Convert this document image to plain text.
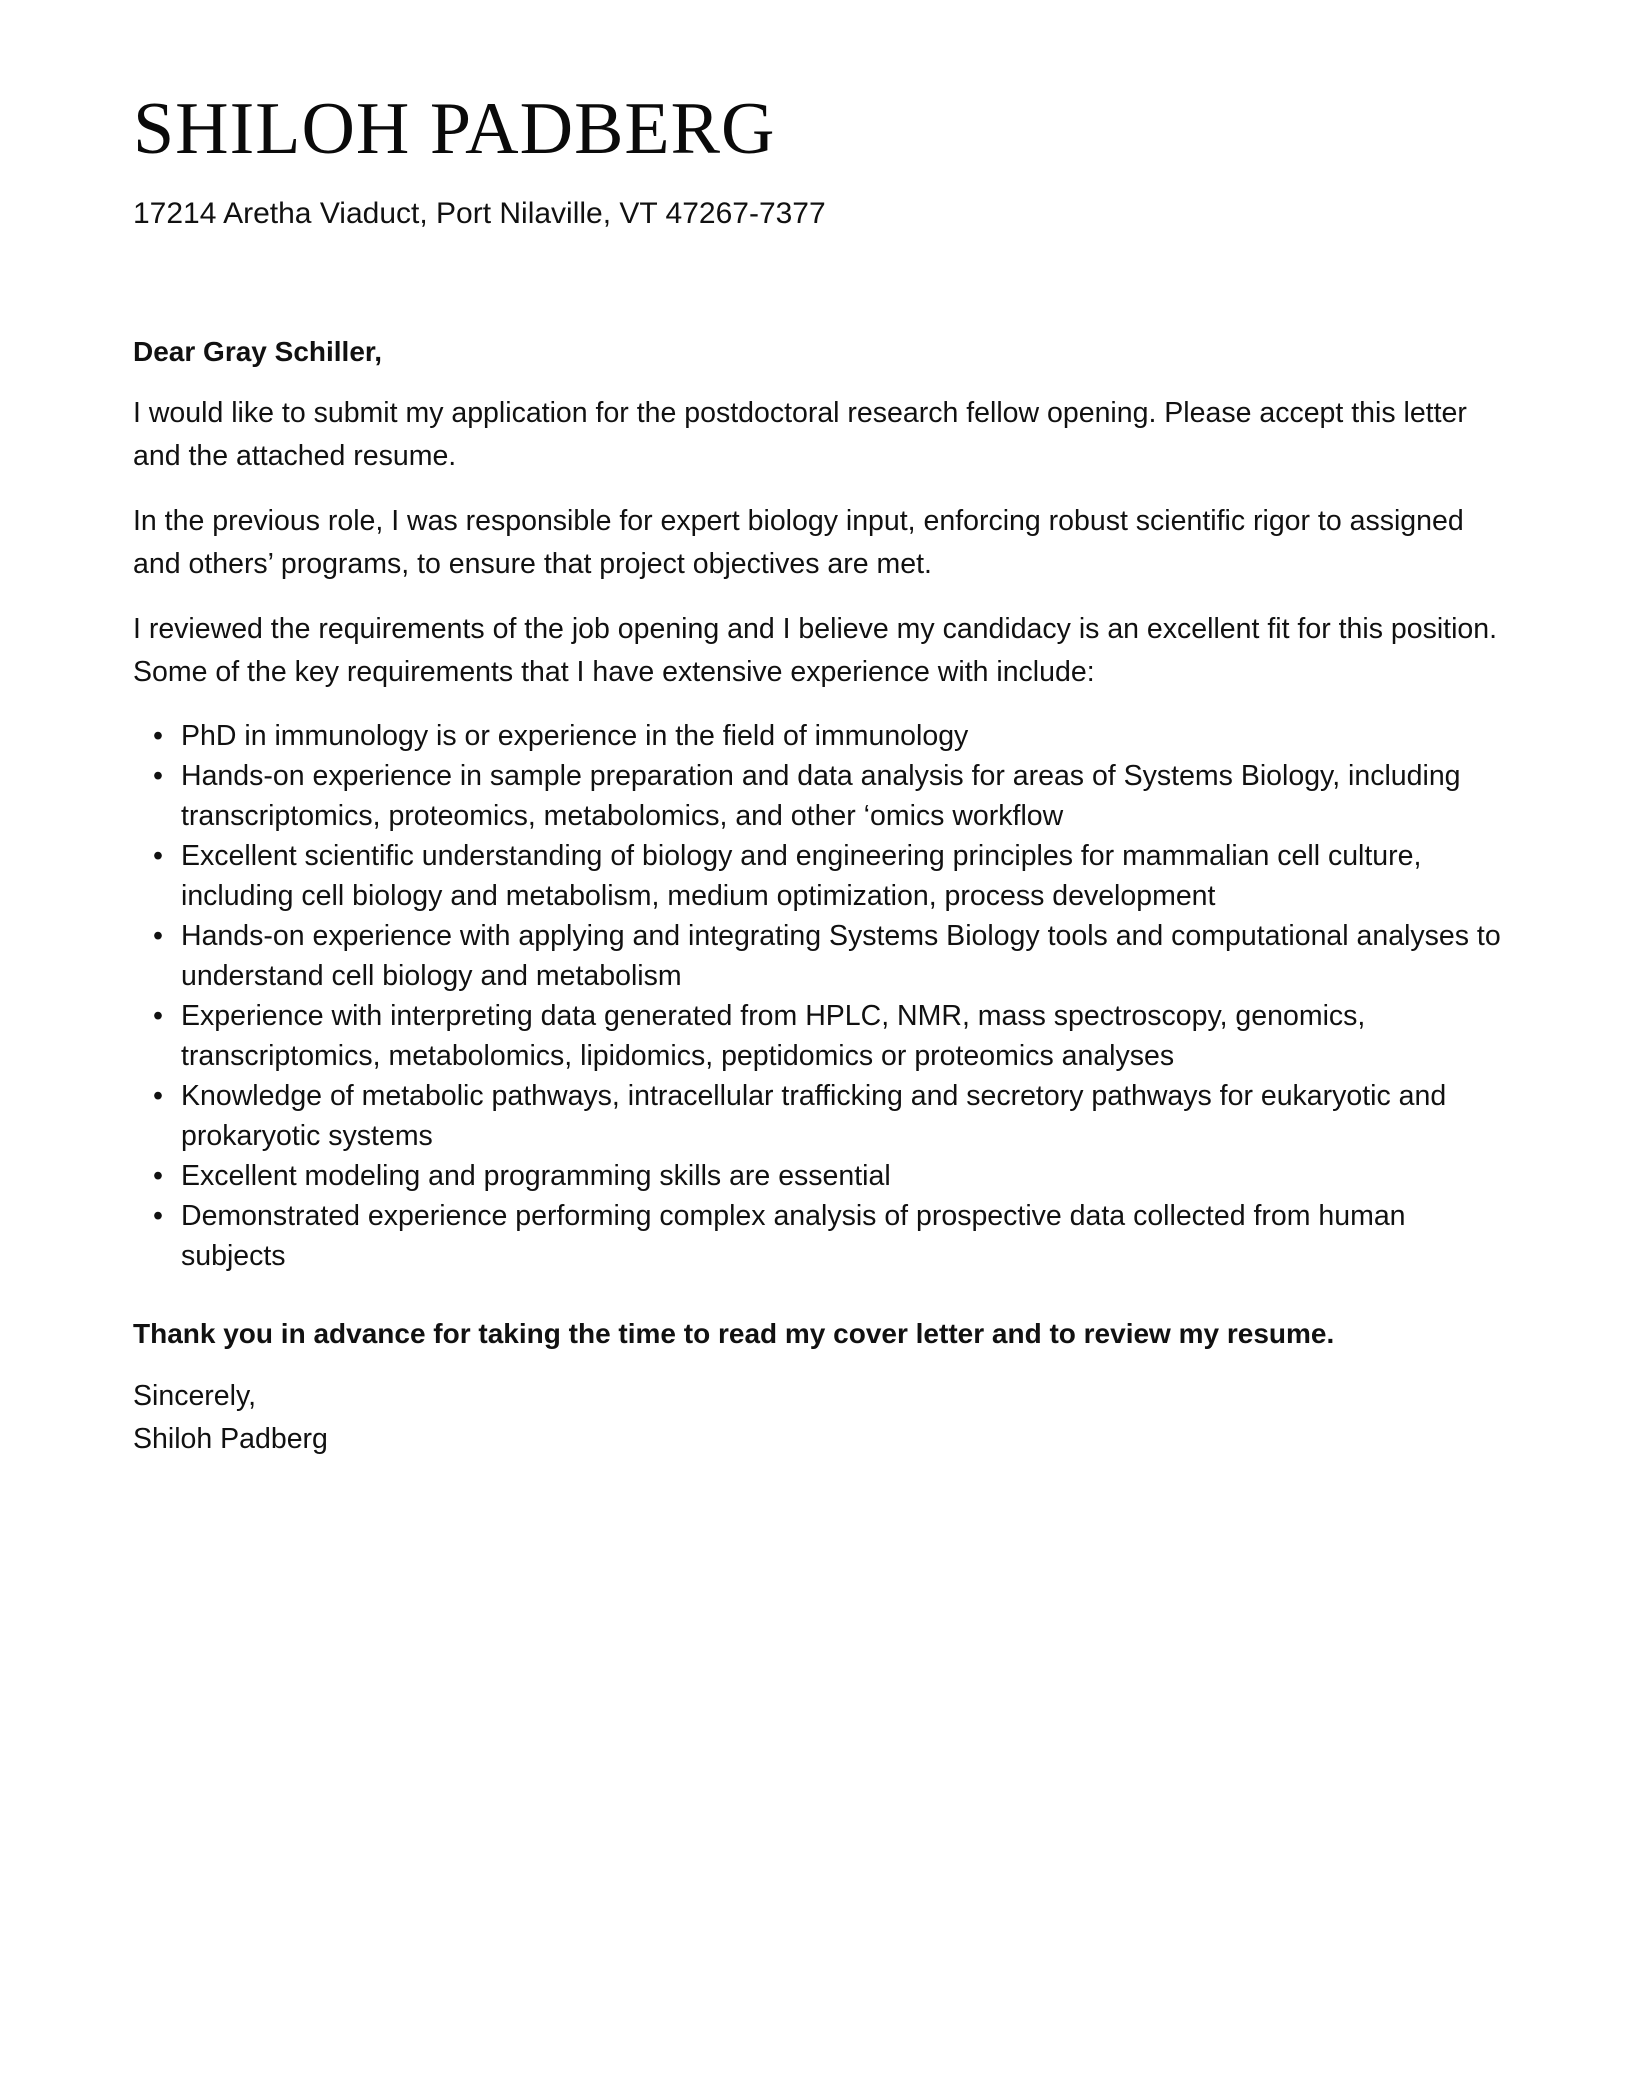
SHILOH PADBERG
17214 Aretha Viaduct, Port Nilaville, VT 47267-7377
Dear Gray Schiller,

I would like to submit my application for the postdoctoral research fellow opening. Please accept this letter and the attached resume.

In the previous role, I was responsible for expert biology input, enforcing robust scientific rigor to assigned and others’ programs, to ensure that project objectives are met.

I reviewed the requirements of the job opening and I believe my candidacy is an excellent fit for this position. Some of the key requirements that I have extensive experience with include:

• PhD in immunology is or experience in the field of immunology
• Hands-on experience in sample preparation and data analysis for areas of Systems Biology, including transcriptomics, proteomics, metabolomics, and other ‘omics workflow
• Excellent scientific understanding of biology and engineering principles for mammalian cell culture, including cell biology and metabolism, medium optimization, process development
• Hands-on experience with applying and integrating Systems Biology tools and computational analyses to understand cell biology and metabolism
• Experience with interpreting data generated from HPLC, NMR, mass spectroscopy, genomics, transcriptomics, metabolomics, lipidomics, peptidomics or proteomics analyses
• Knowledge of metabolic pathways, intracellular trafficking and secretory pathways for eukaryotic and prokaryotic systems
• Excellent modeling and programming skills are essential
• Demonstrated experience performing complex analysis of prospective data collected from human subjects
Thank you in advance for taking the time to read my cover letter and to review my resume.
Sincerely,
Shiloh Padberg
